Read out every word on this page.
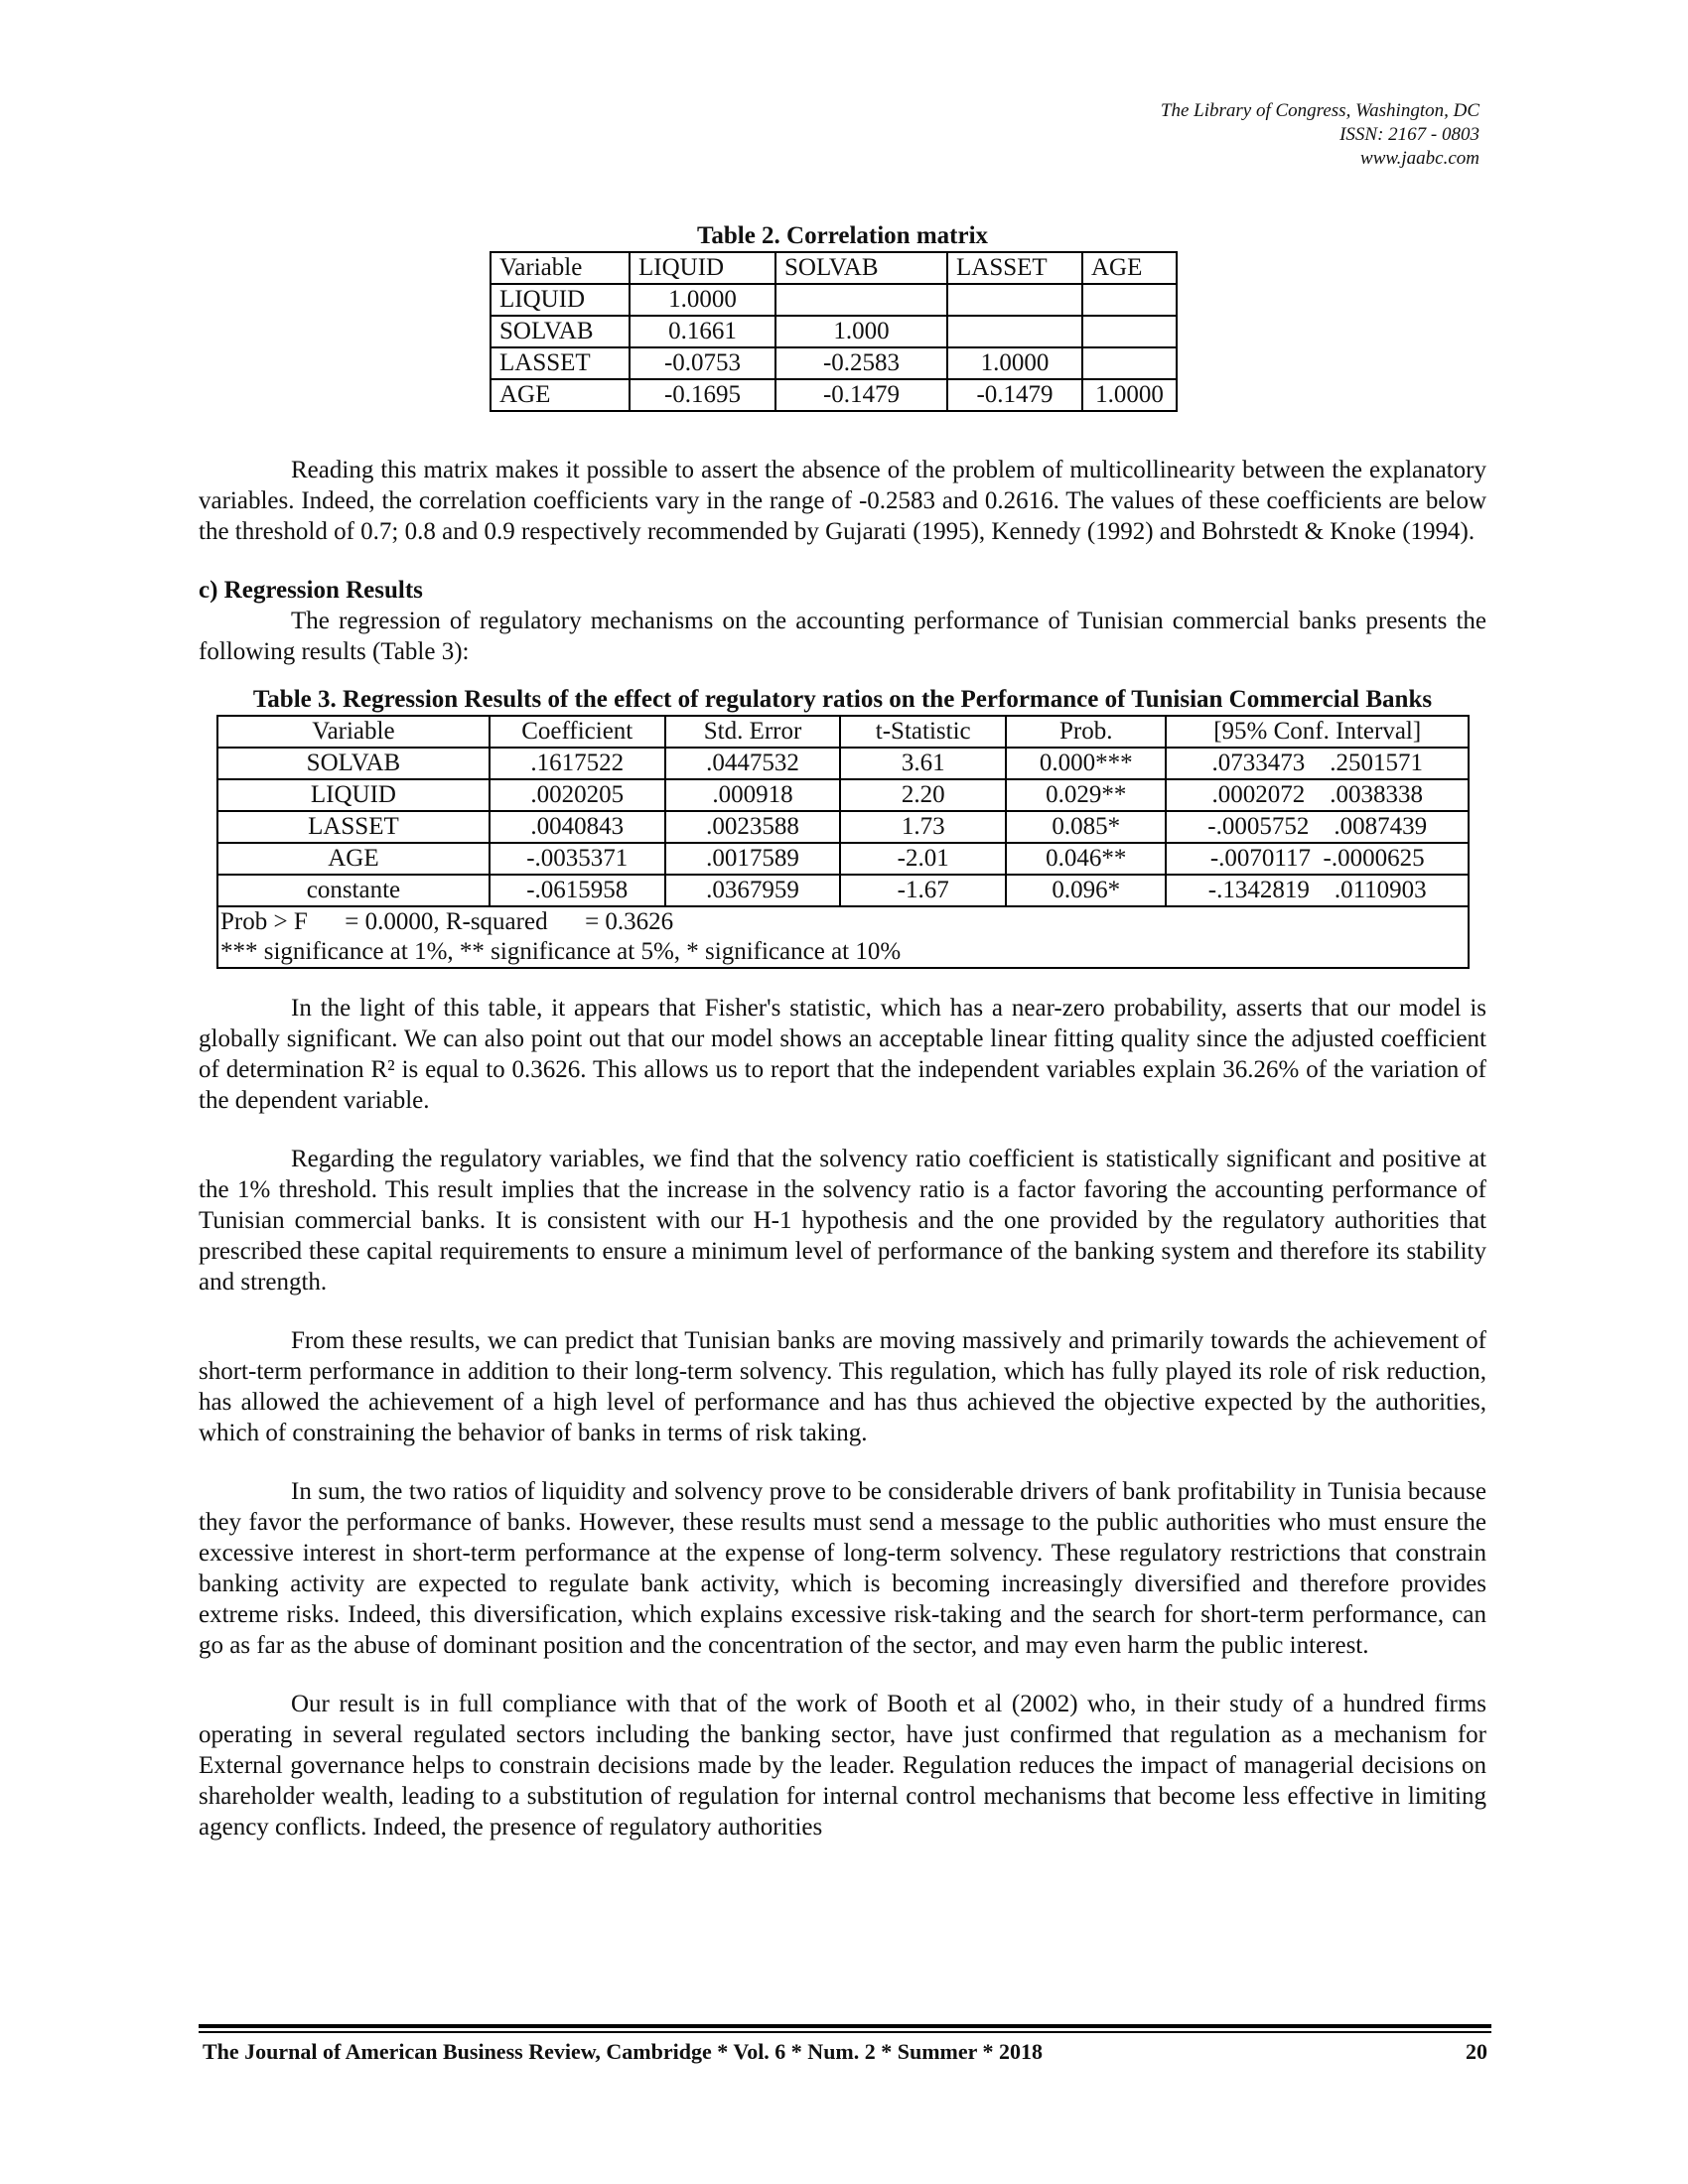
The Library of Congress, Washington, DC
ISSN: 2167 - 0803
www.jaabc.com
Table 2. Correlation matrix
Variable	LIQUID	SOLVAB	LASSET	AGE
LIQUID	1.0000			
SOLVAB	0.1661	1.000		
LASSET	-0.0753	-0.2583	1.0000	
AGE	-0.1695	-0.1479	-0.1479	1.0000

Reading this matrix makes it possible to assert the absence of the problem of multicollinearity between the explanatory variables. Indeed, the correlation coefficients vary in the range of -0.2583 and 0.2616. The values of these coefficients are below the threshold of 0.7; 0.8 and 0.9 respectively recommended by Gujarati (1995), Kennedy (1992) and Bohrstedt & Knoke (1994).

c) Regression Results

The regression of regulatory mechanisms on the accounting performance of Tunisian commercial banks presents the following results (Table 3):

Table 3. Regression Results of the effect of regulatory ratios on the Performance of Tunisian Commercial Banks
Variable	Coefficient	Std. Error	t-Statistic	Prob.	[95% Conf. Interval]
SOLVAB	.1617522	.0447532	3.61	0.000***	.0733473    .2501571
LIQUID	.0020205	.000918	2.20	0.029**	.0002072    .0038338
LASSET	.0040843	.0023588	1.73	0.085*	-.0005752    .0087439
AGE	-.0035371	.0017589	-2.01	0.046**	-.0070117  -.0000625
constante	-.0615958	.0367959	-1.67	0.096*	-.1342819    .0110903

Prob > F      = 0.0000, R-squared      = 0.3626
*** significance at 1%, ** significance at 5%, * significance at 10%					

In the light of this table, it appears that Fisher's statistic, which has a near-zero probability, asserts that our model is globally significant. We can also point out that our model shows an acceptable linear fitting quality since the adjusted coefficient of determination R² is equal to 0.3626. This allows us to report that the independent variables explain 36.26% of the variation of the dependent variable.

Regarding the regulatory variables, we find that the solvency ratio coefficient is statistically significant and positive at the 1% threshold. This result implies that the increase in the solvency ratio is a factor favoring the accounting performance of Tunisian commercial banks. It is consistent with our H-1 hypothesis and the one provided by the regulatory authorities that prescribed these capital requirements to ensure a minimum level of performance of the banking system and therefore its stability and strength.

From these results, we can predict that Tunisian banks are moving massively and primarily towards the achievement of short-term performance in addition to their long-term solvency. This regulation, which has fully played its role of risk reduction, has allowed the achievement of a high level of performance and has thus achieved the objective expected by the authorities, which of constraining the behavior of banks in terms of risk taking.

In sum, the two ratios of liquidity and solvency prove to be considerable drivers of bank profitability in Tunisia because they favor the performance of banks. However, these results must send a message to the public authorities who must ensure the excessive interest in short-term performance at the expense of long-term solvency. These regulatory restrictions that constrain banking activity are expected to regulate bank activity, which is becoming increasingly diversified and therefore provides extreme risks. Indeed, this diversification, which explains excessive risk-taking and the search for short-term performance, can go as far as the abuse of dominant position and the concentration of the sector, and may even harm the public interest.

Our result is in full compliance with that of the work of Booth et al (2002) who, in their study of a hundred firms operating in several regulated sectors including the banking sector, have just confirmed that regulation as a mechanism for External governance helps to constrain decisions made by the leader. Regulation reduces the impact of managerial decisions on shareholder wealth, leading to a substitution of regulation for internal control mechanisms that become less effective in limiting agency conflicts. Indeed, the presence of regulatory authorities

The Journal of American Business Review, Cambridge * Vol. 6 * Num. 2 * Summer * 2018	20
